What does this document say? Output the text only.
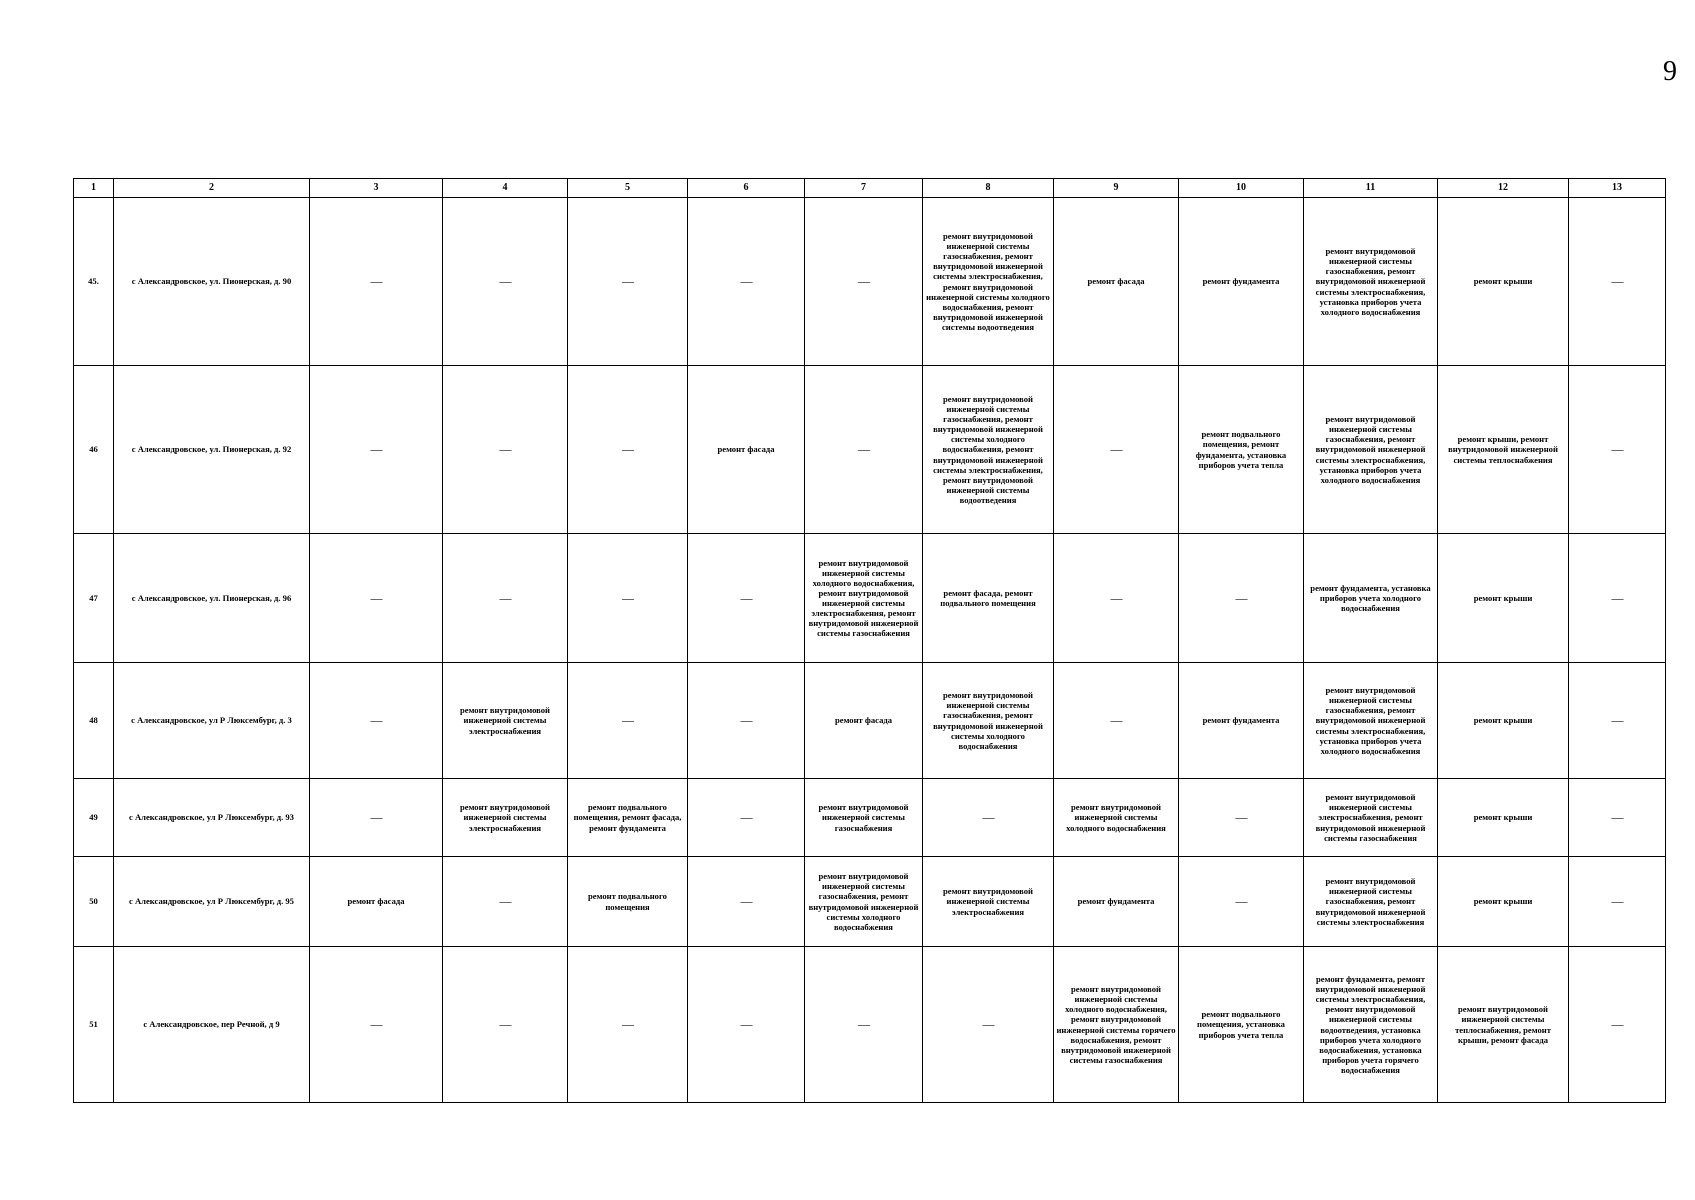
9
1	2	3	4	5	6	7	8	9	10	11	12	13
45.	с Александровское, ул. Пионерская, д. 90	—	—	—	—	—	ремонт внутридомовой инженерной системы газоснабжения, ремонт внутридомовой инженерной системы электроснабжения, ремонт внутридомовой инженерной системы холодного водоснабжения, ремонт внутридомовой инженерной системы водоотведения	ремонт фасада	ремонт фундамента	ремонт внутридомовой инженерной системы газоснабжения, ремонт внутридомовой инженерной системы электроснабжения, установка приборов учета холодного водоснабжения	ремонт крыши	—
46	с Александровское, ул. Пионерская, д. 92	—	—	—	ремонт фасада	—	ремонт внутридомовой инженерной системы газоснабжения, ремонт внутридомовой инженерной системы холодного водоснабжения, ремонт внутридомовой инженерной системы электроснабжения, ремонт внутридомовой инженерной системы водоотведения	—	ремонт подвального помещения, ремонт фундамента, установка приборов учета тепла	ремонт внутридомовой инженерной системы газоснабжения, ремонт внутридомовой инженерной системы электроснабжения, установка приборов учета холодного водоснабжения	ремонт крыши, ремонт внутридомовой инженерной системы теплоснабжения	—
47	с Александровское, ул. Пионерская, д. 96	—	—	—	—	ремонт внутридомовой инженерной системы холодного водоснабжения, ремонт внутридомовой инженерной системы электроснабжения, ремонт внутридомовой инженерной системы газоснабжения	ремонт фасада, ремонт подвального помещения	—	—	ремонт фундамента, установка приборов учета холодного водоснабжения	ремонт крыши	—
48	с Александровское, ул Р Люксембург, д. 3	—	ремонт внутридомовой инженерной системы электроснабжения	—	—	ремонт фасада	ремонт внутридомовой инженерной системы газоснабжения, ремонт внутридомовой инженерной системы холодного водоснабжения	—	ремонт фундамента	ремонт внутридомовой инженерной системы газоснабжения, ремонт внутридомовой инженерной системы электроснабжения, установка приборов учета холодного водоснабжения	ремонт крыши	—
49	с Александровское, ул Р Люксембург, д. 93	—	ремонт внутридомовой инженерной системы электроснабжения	ремонт подвального помещения, ремонт фасада, ремонт фундамента	—	ремонт внутридомовой инженерной системы газоснабжения	—	ремонт внутридомовой инженерной системы холодного водоснабжения	—	ремонт внутридомовой инженерной системы электроснабжения, ремонт внутридомовой инженерной системы газоснабжения	ремонт крыши	—
50	с Александровское, ул Р Люксембург, д. 95	ремонт фасада	—	ремонт подвального помещения	—	ремонт внутридомовой инженерной системы газоснабжения, ремонт внутридомовой инженерной системы холодного водоснабжения	ремонт внутридомовой инженерной системы электроснабжения	ремонт фундамента	—	ремонт внутридомовой инженерной системы газоснабжения, ремонт внутридомовой инженерной системы электроснабжения	ремонт крыши	—
51	с Александровское, пер Речной, д 9	—	—	—	—	—	—	ремонт внутридомовой инженерной системы холодного водоснабжения, ремонт внутридомовой инженерной системы горячего водоснабжения, ремонт внутридомовой инженерной системы газоснабжения	ремонт подвального помещения, установка приборов учета тепла	ремонт фундамента, ремонт внутридомовой инженерной системы электроснабжения, ремонт внутридомовой инженерной системы водоотведения, установка приборов учета холодного водоснабжения, установка приборов учета горячего водоснабжения	ремонт внутридомовой инженерной системы теплоснабжения, ремонт крыши, ремонт фасада	—
